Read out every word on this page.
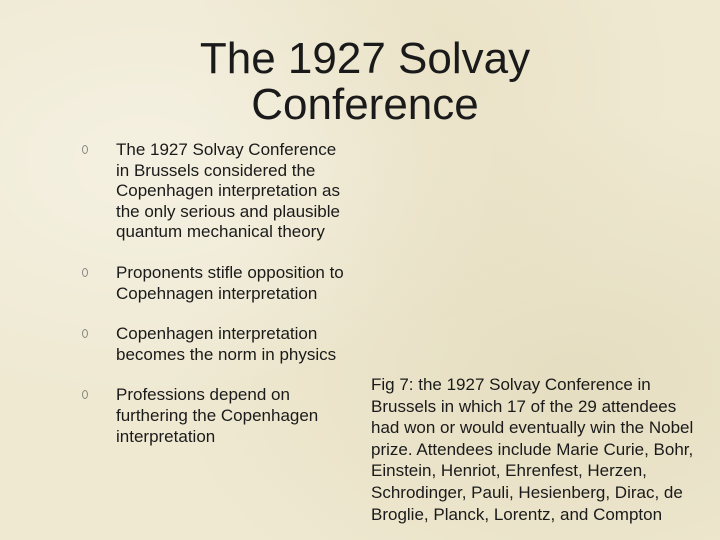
The 1927 Solvay
Conference
The 1927 Solvay Conference in Brussels considered the Copenhagen interpretation as the only serious and plausible quantum mechanical theory
Proponents stifle opposition to Copehnagen interpretation
Copenhagen interpretation becomes the norm in physics
Professions depend on furthering the Copenhagen interpretation
Fig 7: the 1927 Solvay Conference in Brussels in which 17 of the 29 attendees had won or would eventually win the Nobel prize. Attendees include Marie Curie, Bohr, Einstein, Henriot, Ehrenfest, Herzen, Schrodinger, Pauli, Hesienberg, Dirac, de Broglie, Planck, Lorentz, and Compton
